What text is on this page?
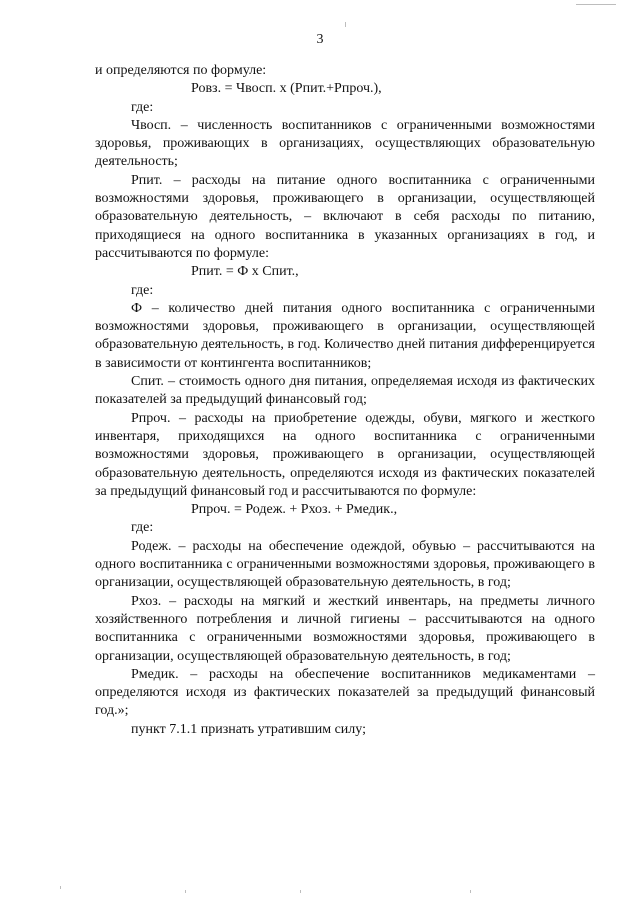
3

и определяются по формуле:

Ровз. = Чвосп. х (Рпит.+Рпроч.),

где:

Чвосп. – численность воспитанников с ограниченными возможностями здоровья, проживающих в организациях, осуществляющих образовательную деятельность;

Рпит. – расходы на питание одного воспитанника с ограниченными возможностями здоровья, проживающего в организации, осуществляющей образовательную деятельность, – включают в себя расходы по питанию, приходящиеся на одного воспитанника в указанных организациях в год, и рассчитываются по формуле:

Рпит. = Ф х Спит.,

где:

Ф – количество дней питания одного воспитанника с ограниченными возможностями здоровья, проживающего в организации, осуществляющей образовательную деятельность, в год. Количество дней питания дифференцируется в зависимости от контингента воспитанников;

Спит. – стоимость одного дня питания, определяемая исходя из фактических показателей за предыдущий финансовый год;

Рпроч. – расходы на приобретение одежды, обуви, мягкого и жесткого инвентаря, приходящихся на одного воспитанника с ограниченными возможностями здоровья, проживающего в организации, осуществляющей образовательную деятельность, определяются исходя из фактических показателей за предыдущий финансовый год и рассчитываются по формуле:

Рпроч. = Родеж. + Рхоз. + Рмедик.,

где:

Родеж. – расходы на обеспечение одеждой, обувью – рассчитываются на одного воспитанника с ограниченными возможностями здоровья, проживающего в организации, осуществляющей образовательную деятельность, в год;

Рхоз. – расходы на мягкий и жесткий инвентарь, на предметы личного хозяйственного потребления и личной гигиены – рассчитываются на одного воспитанника с ограниченными возможностями здоровья, проживающего в организации, осуществляющей образовательную деятельность, в год;

Рмедик. – расходы на обеспечение воспитанников медикаментами – определяются исходя из фактических показателей за предыдущий финансовый год.»;

пункт 7.1.1 признать утратившим силу;
